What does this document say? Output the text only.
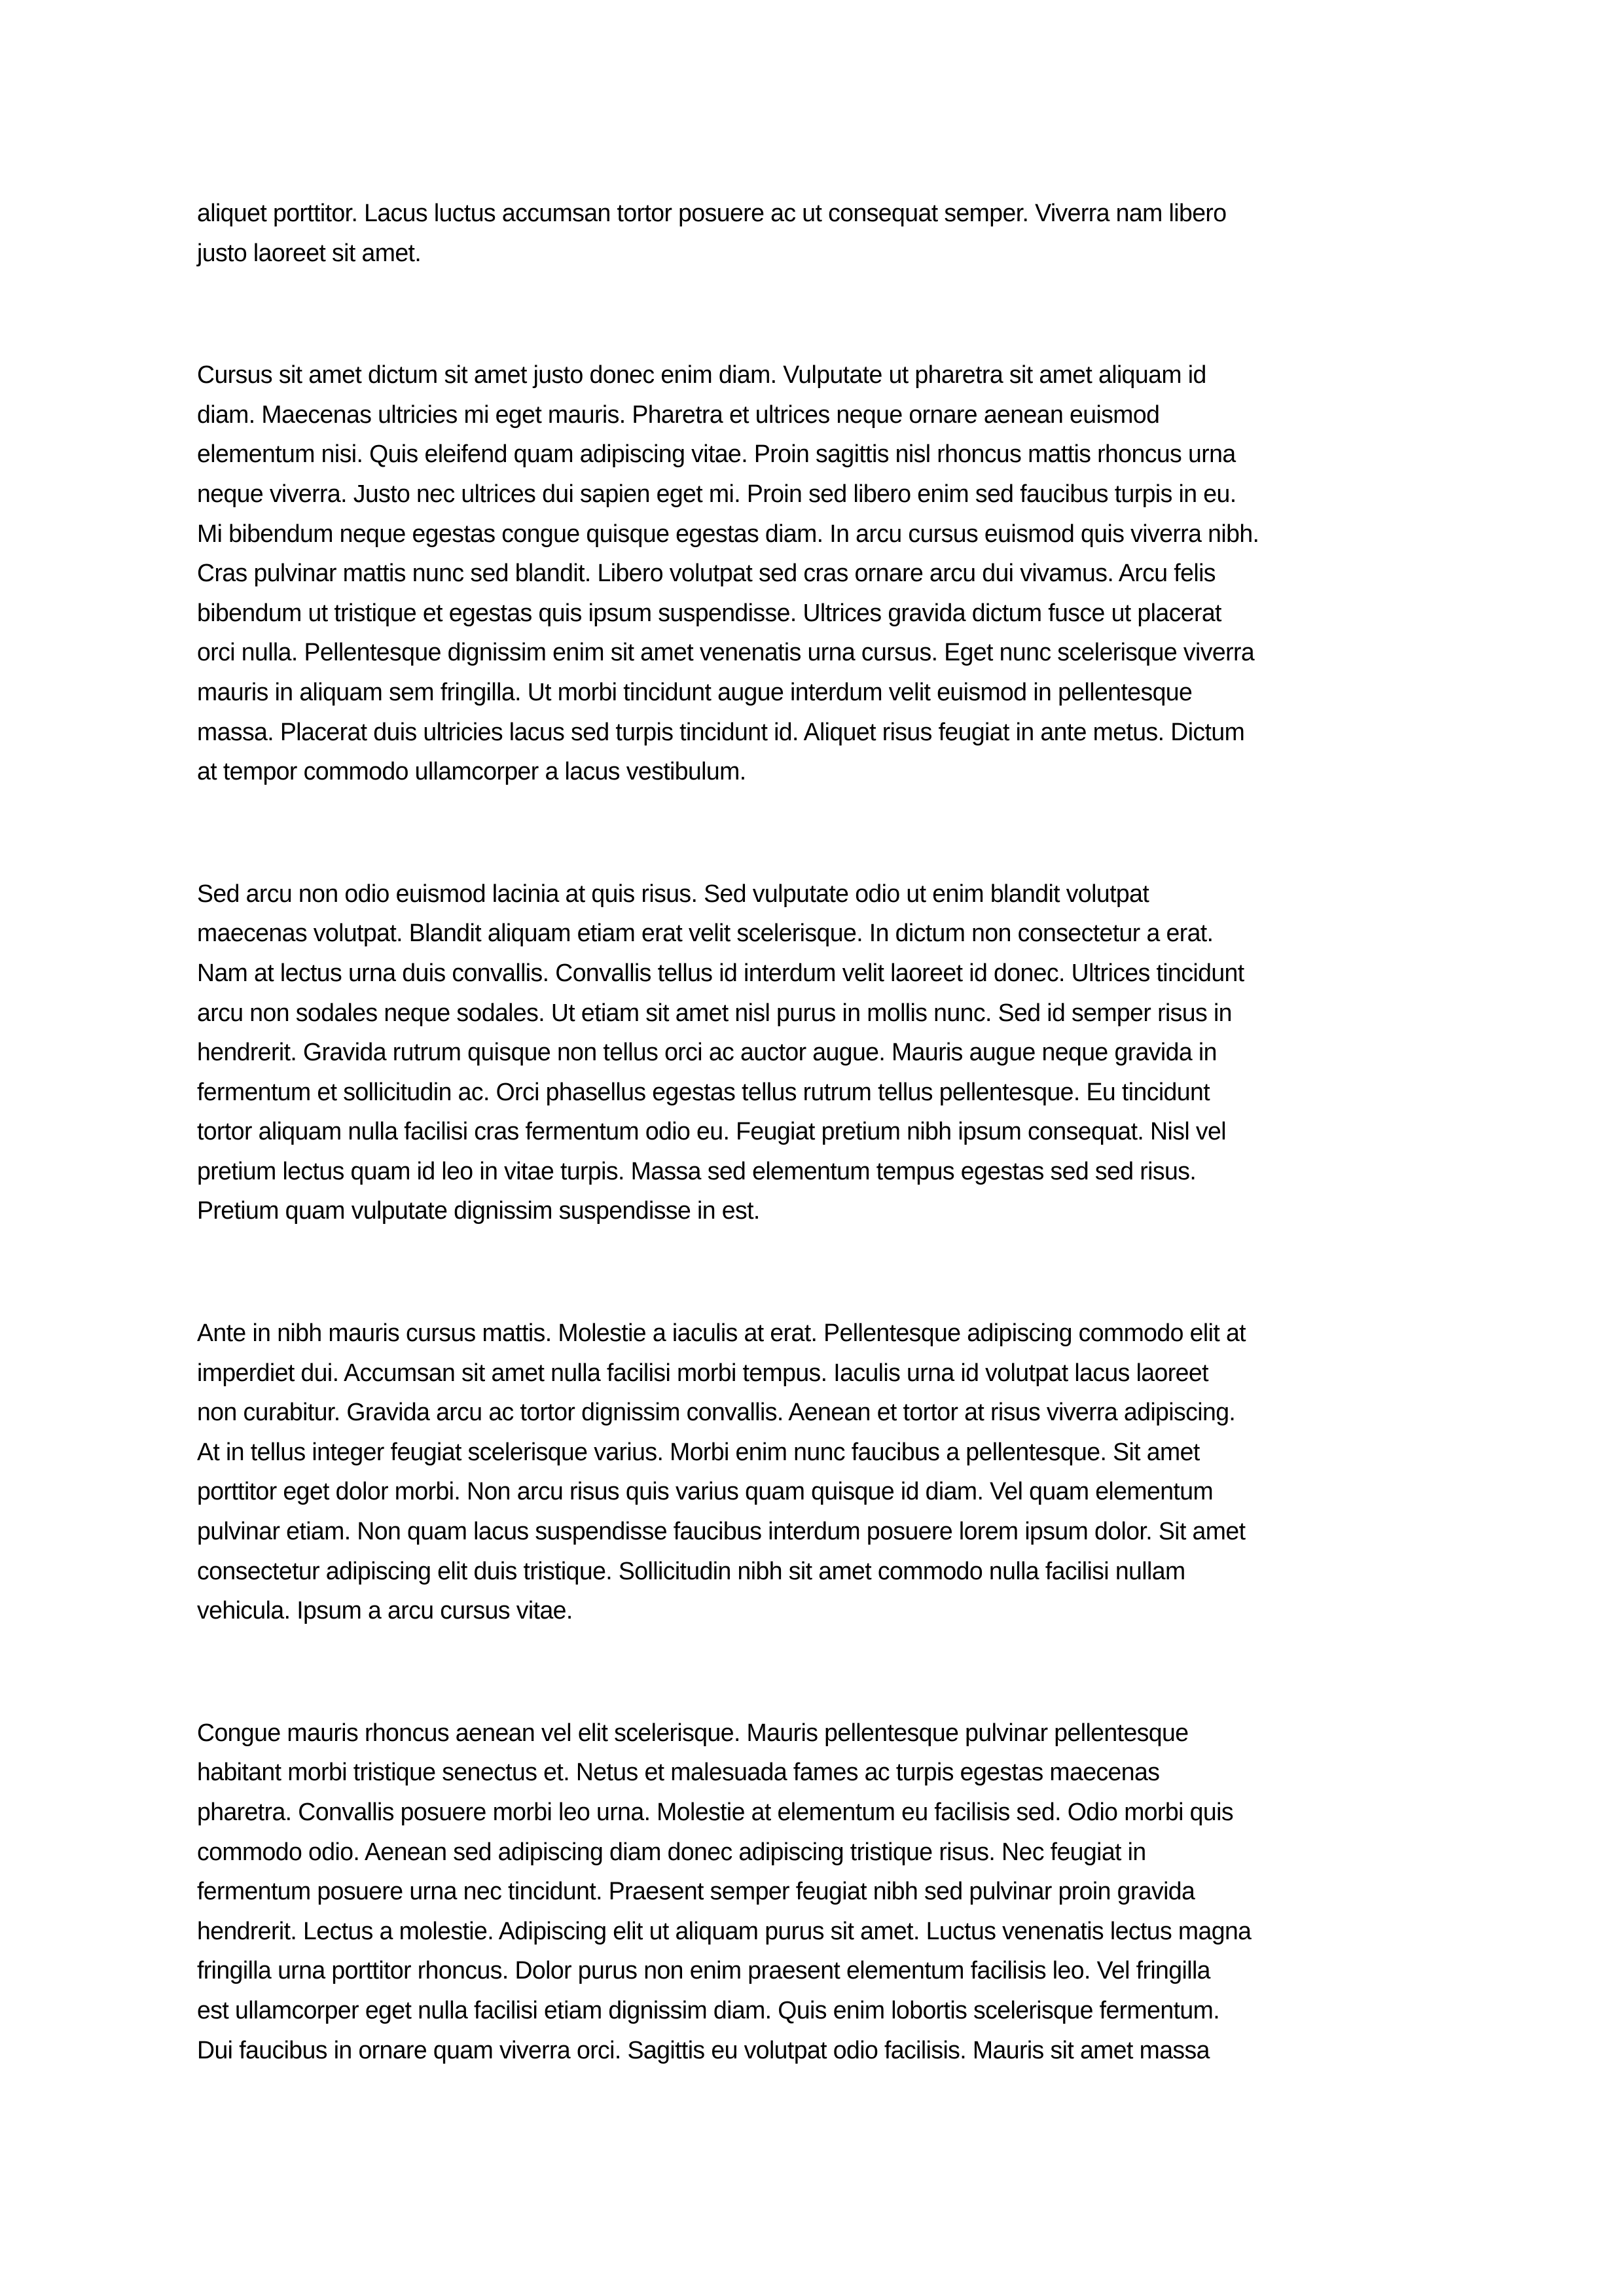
aliquet porttitor. Lacus luctus accumsan tortor posuere ac ut consequat semper. Viverra nam libero
justo laoreet sit amet.

Cursus sit amet dictum sit amet justo donec enim diam. Vulputate ut pharetra sit amet aliquam id
diam. Maecenas ultricies mi eget mauris. Pharetra et ultrices neque ornare aenean euismod
elementum nisi. Quis eleifend quam adipiscing vitae. Proin sagittis nisl rhoncus mattis rhoncus urna
neque viverra. Justo nec ultrices dui sapien eget mi. Proin sed libero enim sed faucibus turpis in eu.
Mi bibendum neque egestas congue quisque egestas diam. In arcu cursus euismod quis viverra nibh.
Cras pulvinar mattis nunc sed blandit. Libero volutpat sed cras ornare arcu dui vivamus. Arcu felis
bibendum ut tristique et egestas quis ipsum suspendisse. Ultrices gravida dictum fusce ut placerat
orci nulla. Pellentesque dignissim enim sit amet venenatis urna cursus. Eget nunc scelerisque viverra
mauris in aliquam sem fringilla. Ut morbi tincidunt augue interdum velit euismod in pellentesque
massa. Placerat duis ultricies lacus sed turpis tincidunt id. Aliquet risus feugiat in ante metus. Dictum
at tempor commodo ullamcorper a lacus vestibulum.

Sed arcu non odio euismod lacinia at quis risus. Sed vulputate odio ut enim blandit volutpat
maecenas volutpat. Blandit aliquam etiam erat velit scelerisque. In dictum non consectetur a erat.
Nam at lectus urna duis convallis. Convallis tellus id interdum velit laoreet id donec. Ultrices tincidunt
arcu non sodales neque sodales. Ut etiam sit amet nisl purus in mollis nunc. Sed id semper risus in
hendrerit. Gravida rutrum quisque non tellus orci ac auctor augue. Mauris augue neque gravida in
fermentum et sollicitudin ac. Orci phasellus egestas tellus rutrum tellus pellentesque. Eu tincidunt
tortor aliquam nulla facilisi cras fermentum odio eu. Feugiat pretium nibh ipsum consequat. Nisl vel
pretium lectus quam id leo in vitae turpis. Massa sed elementum tempus egestas sed sed risus.
Pretium quam vulputate dignissim suspendisse in est.

Ante in nibh mauris cursus mattis. Molestie a iaculis at erat. Pellentesque adipiscing commodo elit at
imperdiet dui. Accumsan sit amet nulla facilisi morbi tempus. Iaculis urna id volutpat lacus laoreet
non curabitur. Gravida arcu ac tortor dignissim convallis. Aenean et tortor at risus viverra adipiscing.
At in tellus integer feugiat scelerisque varius. Morbi enim nunc faucibus a pellentesque. Sit amet
porttitor eget dolor morbi. Non arcu risus quis varius quam quisque id diam. Vel quam elementum
pulvinar etiam. Non quam lacus suspendisse faucibus interdum posuere lorem ipsum dolor. Sit amet
consectetur adipiscing elit duis tristique. Sollicitudin nibh sit amet commodo nulla facilisi nullam
vehicula. Ipsum a arcu cursus vitae.

Congue mauris rhoncus aenean vel elit scelerisque. Mauris pellentesque pulvinar pellentesque
habitant morbi tristique senectus et. Netus et malesuada fames ac turpis egestas maecenas
pharetra. Convallis posuere morbi leo urna. Molestie at elementum eu facilisis sed. Odio morbi quis
commodo odio. Aenean sed adipiscing diam donec adipiscing tristique risus. Nec feugiat in
fermentum posuere urna nec tincidunt. Praesent semper feugiat nibh sed pulvinar proin gravida
hendrerit. Lectus a molestie. Adipiscing elit ut aliquam purus sit amet. Luctus venenatis lectus magna
fringilla urna porttitor rhoncus. Dolor purus non enim praesent elementum facilisis leo. Vel fringilla
est ullamcorper eget nulla facilisi etiam dignissim diam. Quis enim lobortis scelerisque fermentum.
Dui faucibus in ornare quam viverra orci. Sagittis eu volutpat odio facilisis. Mauris sit amet massa
